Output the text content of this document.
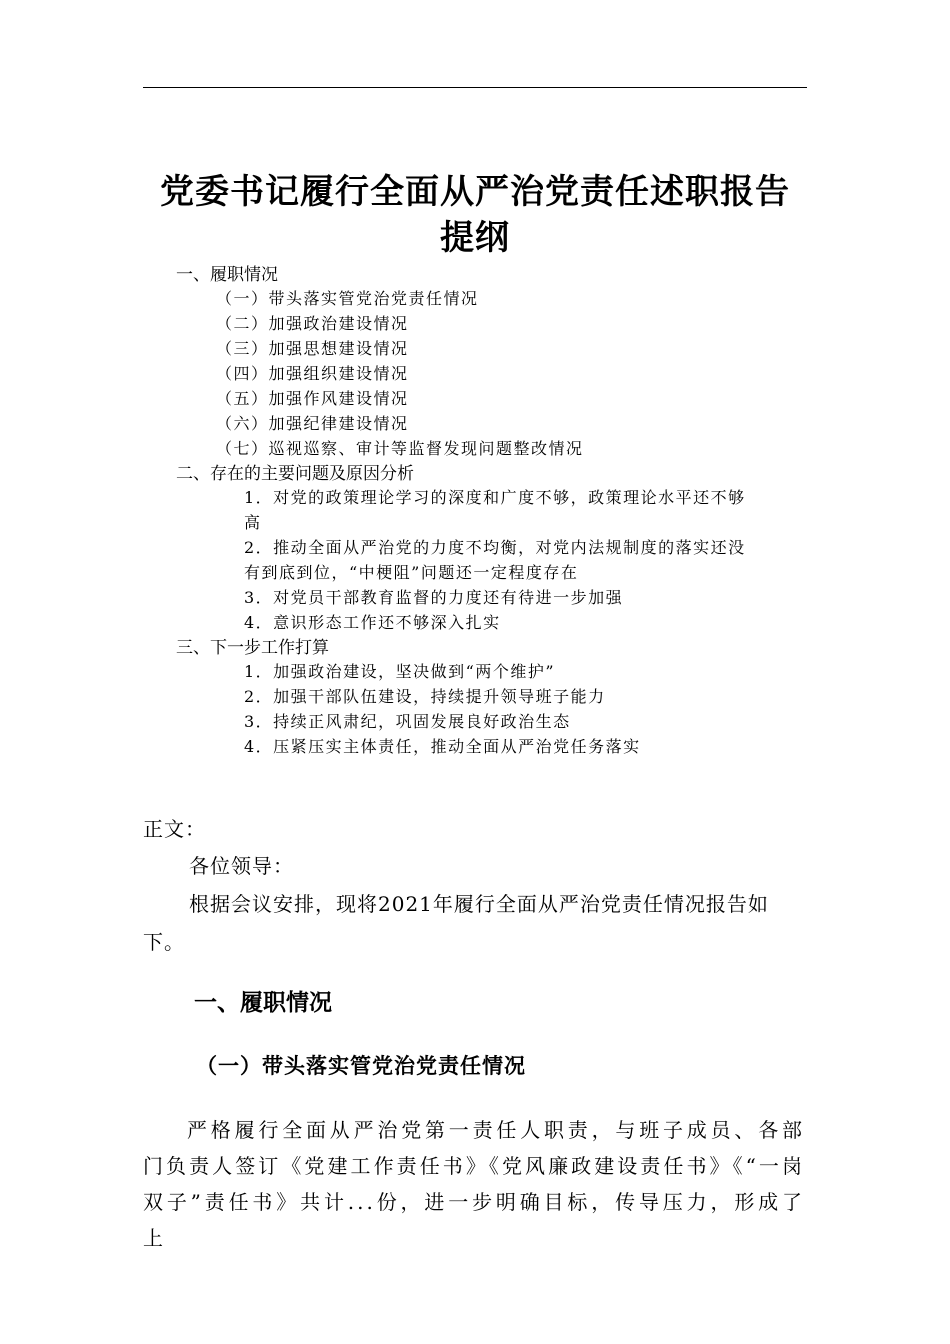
党委书记履行全面从严治党责任述职报告
提纲
一、履职情况
（一）带头落实管党治党责任情况
（二）加强政治建设情况
（三）加强思想建设情况
（四）加强组织建设情况
（五）加强作风建设情况
（六）加强纪律建设情况
（七）巡视巡察、审计等监督发现问题整改情况
二、存在的主要问题及原因分析
1．对党的政策理论学习的深度和广度不够，政策理论水平还不够
高
2．推动全面从严治党的力度不均衡，对党内法规制度的落实还没
有到底到位，“中梗阻”问题还一定程度存在
3．对党员干部教育监督的力度还有待进一步加强
4．意识形态工作还不够深入扎实
三、下一步工作打算
1．加强政治建设，坚决做到“两个维护”
2．加强干部队伍建设，持续提升领导班子能力
3．持续正风肃纪，巩固发展良好政治生态
4．压紧压实主体责任，推动全面从严治党任务落实
正文：
各位领导：
根据会议安排，现将2021年履行全面从严治党责任情况报告如
下。
一、履职情况
（一）带头落实管党治党责任情况
严格履行全面从严治党第一责任人职责，与班子成员、各部门负责人签订《党建工作责任书》《党风廉政建设责任书》《“一岗双子”责任书》共计...份，进一步明确目标，传导压力，形成了上
